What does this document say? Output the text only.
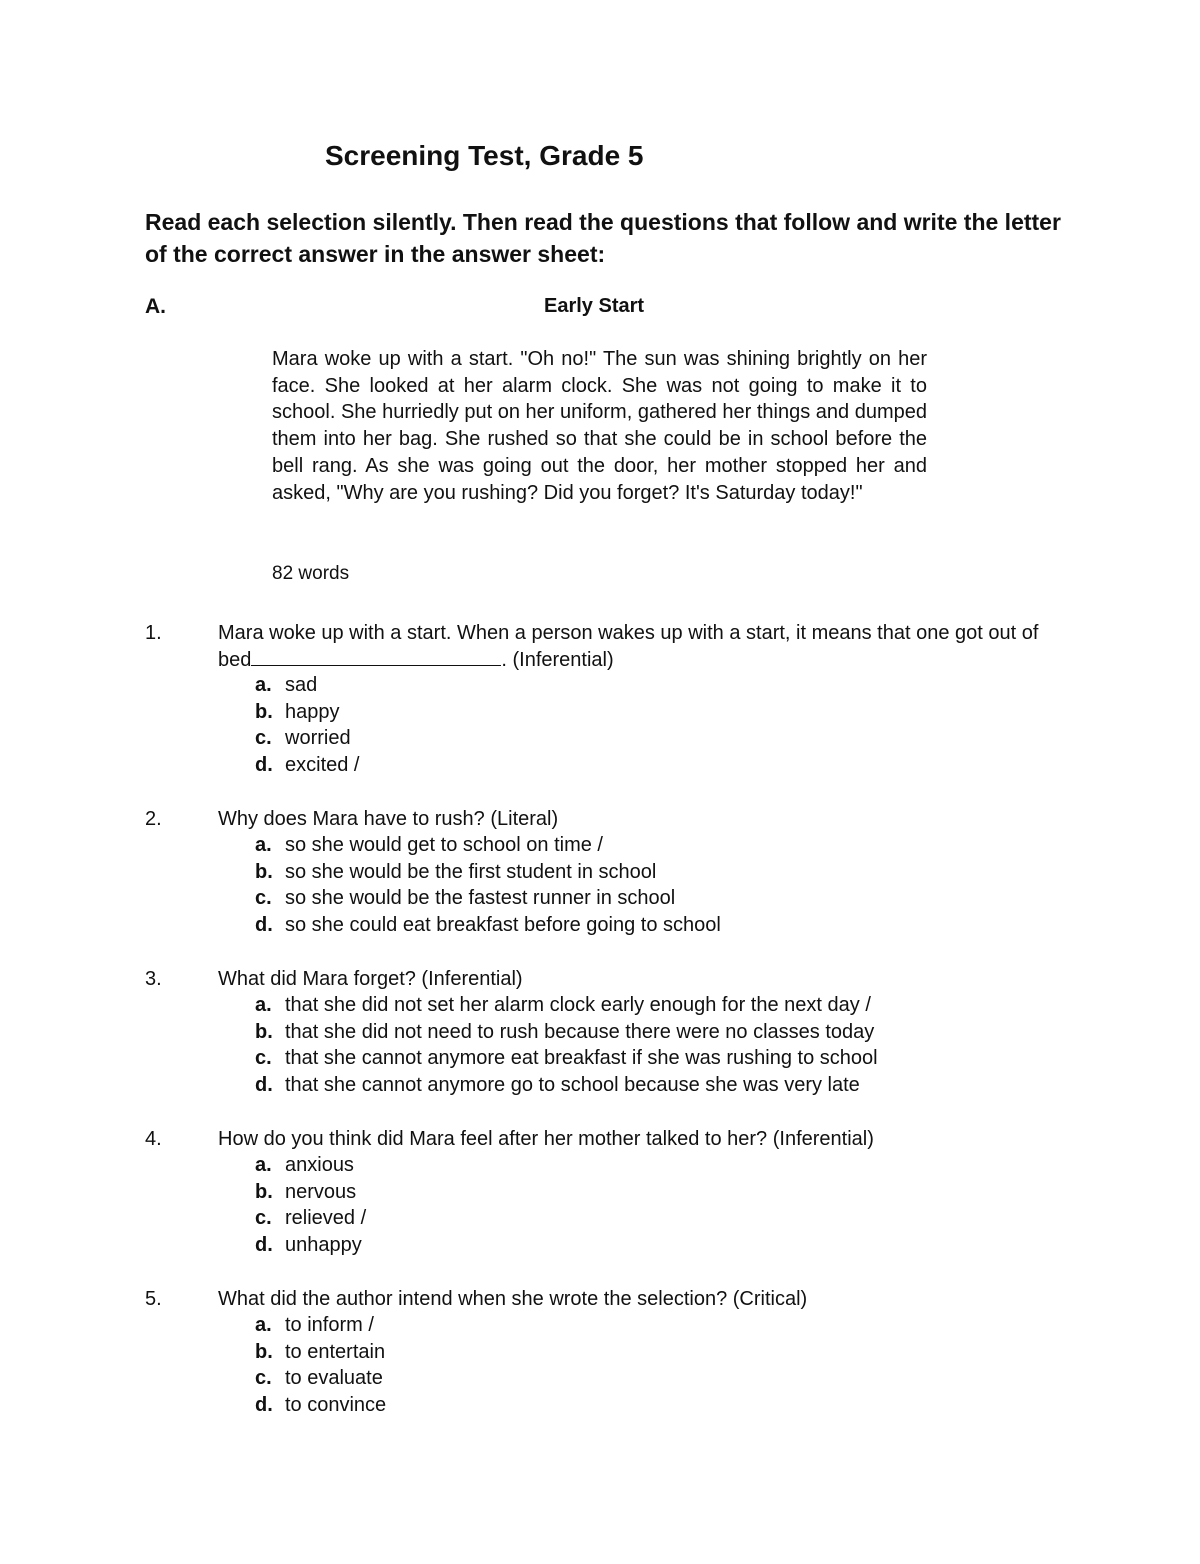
Screening Test, Grade 5
Read each selection silently. Then read the questions that follow and write the letter of the correct answer in the answer sheet:
A.	Early Start

Mara woke up with a start. "Oh no!" The sun was shining brightly on her face. She looked at her alarm clock. She was not going to make it to school. She hurriedly put on her uniform, gathered her things and dumped them into her bag. She rushed so that she could be in school before the bell rang. As she was going out the door, her mother stopped her and asked, "Why are you rushing? Did you forget? It's Saturday today!"

82 words
1.	Mara woke up with a start. When a person wakes up with a start, it means that one got out of bed	. (Inferential)
a. sad
b. happy
c. worried
d. excited /
2.	Why does Mara have to rush? (Literal)
a. so she would get to school on time /
b. so she would be the first student in school
c. so she would be the fastest runner in school
d. so she could eat breakfast before going to school
3.	What did Mara forget? (Inferential)
a. that she did not set her alarm clock early enough for the next day /
b. that she did not need to rush because there were no classes today
c. that she cannot anymore eat breakfast if she was rushing to school
d. that she cannot anymore go to school because she was very late
4.	How do you think did Mara feel after her mother talked to her? (Inferential)
a. anxious
b. nervous
c. relieved /
d. unhappy
5.	What did the author intend when she wrote the selection? (Critical)
a. to inform /
b. to entertain
c. to evaluate
d. to convince
